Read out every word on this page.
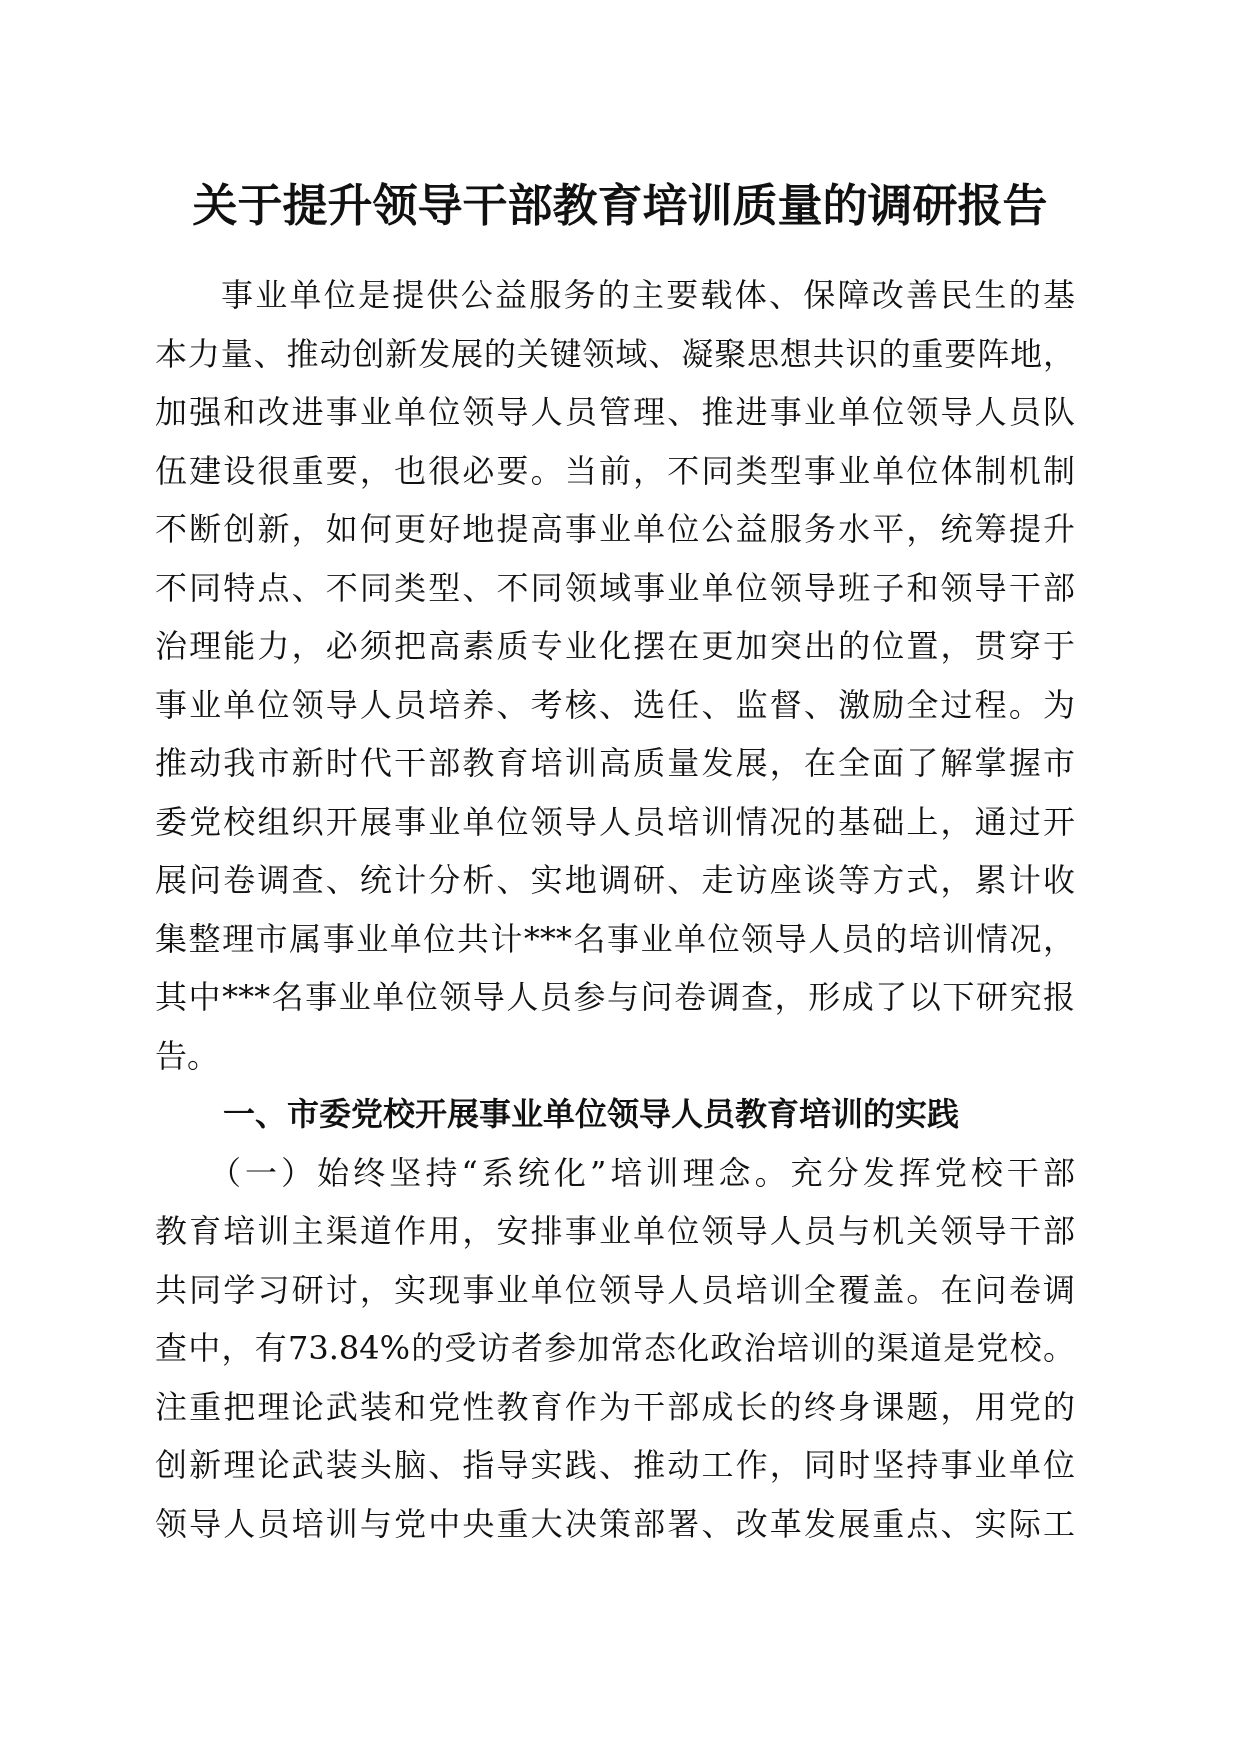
关于提升领导干部教育培训质量的调研报告
事业单位是提供公益服务的主要载体、保障改善民生的基
本力量、推动创新发展的关键领域、凝聚思想共识的重要阵地，
加强和改进事业单位领导人员管理、推进事业单位领导人员队
伍建设很重要，也很必要。当前，不同类型事业单位体制机制
不断创新，如何更好地提高事业单位公益服务水平，统筹提升
不同特点、不同类型、不同领域事业单位领导班子和领导干部
治理能力，必须把高素质专业化摆在更加突出的位置，贯穿于
事业单位领导人员培养、考核、选任、监督、激励全过程。为
推动我市新时代干部教育培训高质量发展，在全面了解掌握市
委党校组织开展事业单位领导人员培训情况的基础上，通过开
展问卷调查、统计分析、实地调研、走访座谈等方式，累计收
集整理市属事业单位共计***名事业单位领导人员的培训情况，
其中***名事业单位领导人员参与问卷调查，形成了以下研究报
告。
一、市委党校开展事业单位领导人员教育培训的实践
（一）始终坚持“系统化”培训理念。充分发挥党校干部
教育培训主渠道作用，安排事业单位领导人员与机关领导干部
共同学习研讨，实现事业单位领导人员培训全覆盖。在问卷调
查中，有73.84%的受访者参加常态化政治培训的渠道是党校。
注重把理论武装和党性教育作为干部成长的终身课题，用党的
创新理论武装头脑、指导实践、推动工作，同时坚持事业单位
领导人员培训与党中央重大决策部署、改革发展重点、实际工
